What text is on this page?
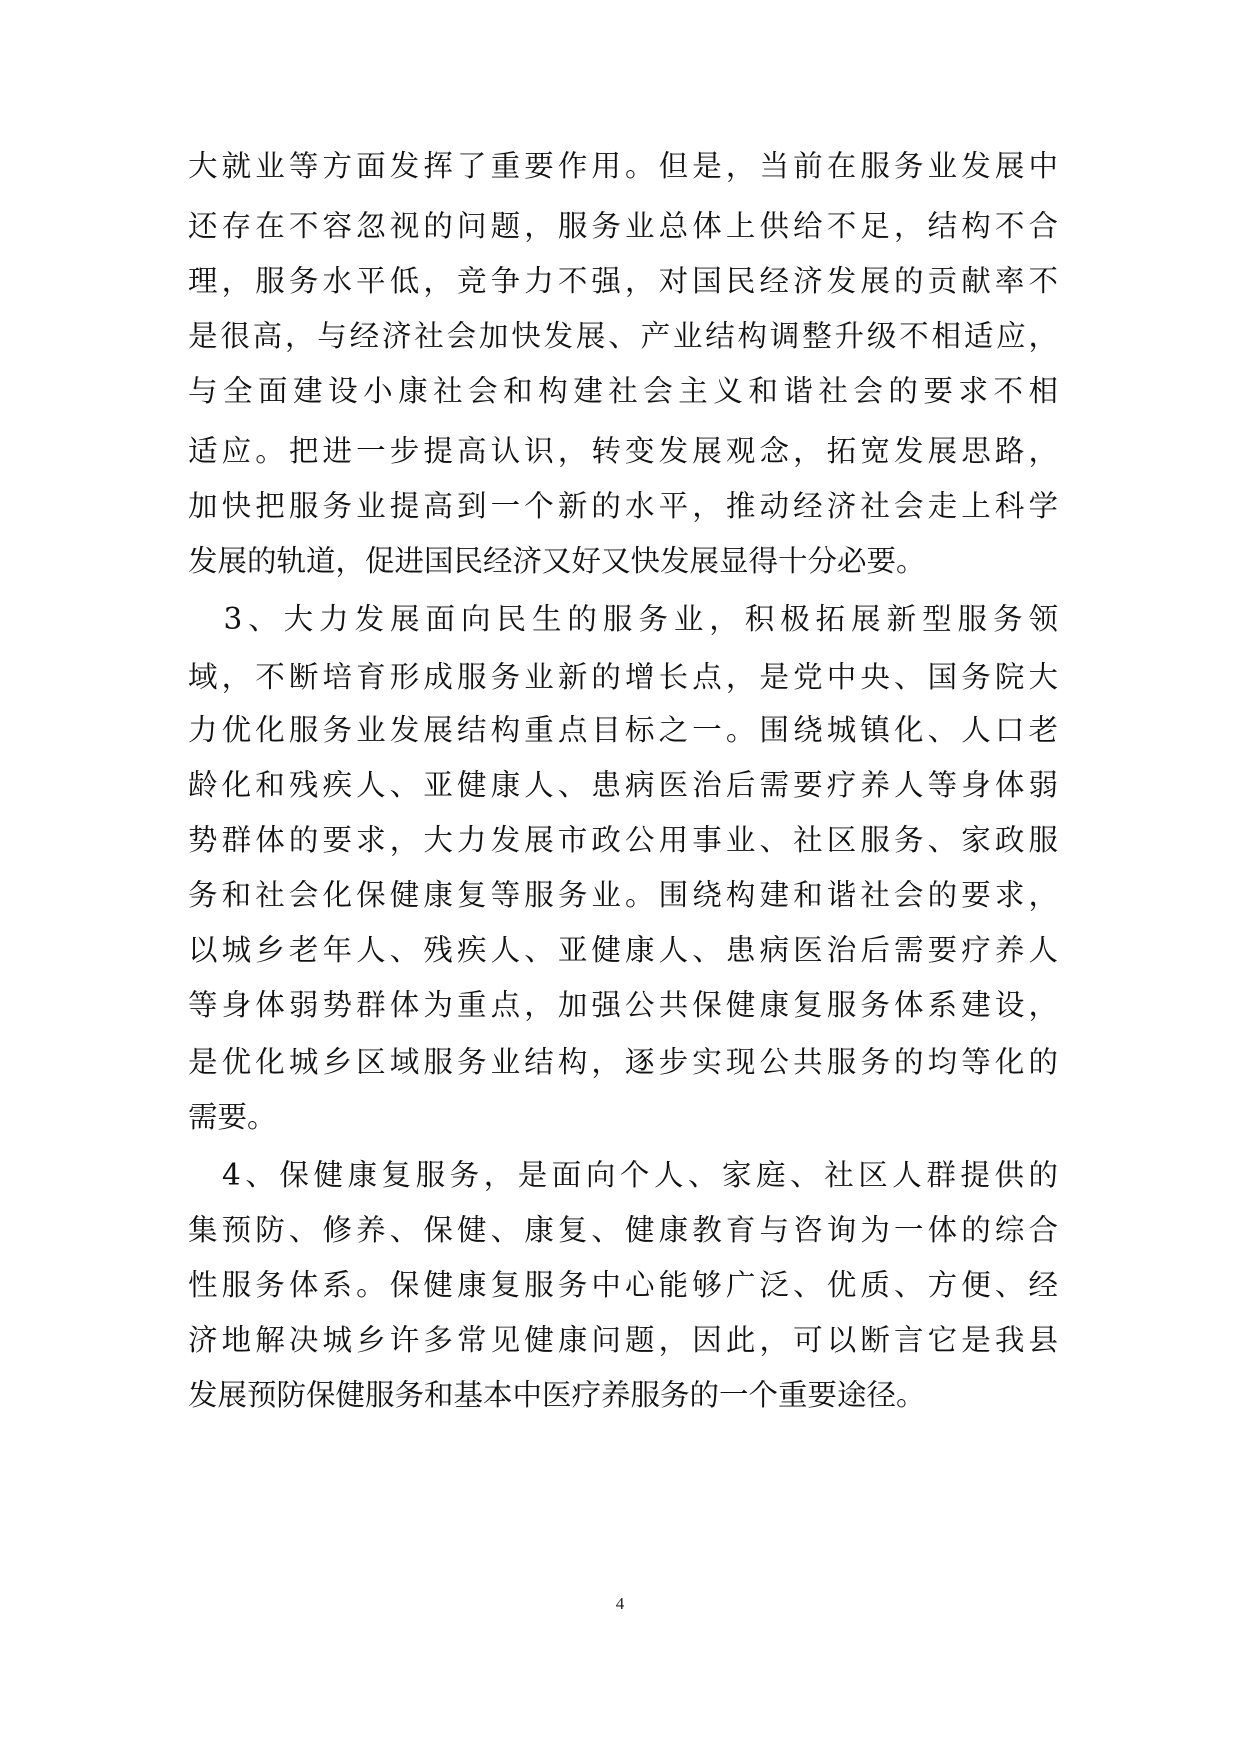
大就业等方面发挥了重要作用。但是，当前在服务业发展中
还存在不容忽视的问题，服务业总体上供给不足，结构不合
理，服务水平低，竞争力不强，对国民经济发展的贡献率不
是很高，与经济社会加快发展、产业结构调整升级不相适应，
与全面建设小康社会和构建社会主义和谐社会的要求不相
适应。把进一步提高认识，转变发展观念，拓宽发展思路，
加快把服务业提高到一个新的水平，推动经济社会走上科学
发展的轨道，促进国民经济又好又快发展显得十分必要。
　3、大力发展面向民生的服务业，积极拓展新型服务领
域，不断培育形成服务业新的增长点，是党中央、国务院大
力优化服务业发展结构重点目标之一。围绕城镇化、人口老
龄化和残疾人、亚健康人、患病医治后需要疗养人等身体弱
势群体的要求，大力发展市政公用事业、社区服务、家政服
务和社会化保健康复等服务业。围绕构建和谐社会的要求，
以城乡老年人、残疾人、亚健康人、患病医治后需要疗养人
等身体弱势群体为重点，加强公共保健康复服务体系建设，
是优化城乡区域服务业结构，逐步实现公共服务的均等化的
需要。
　4、保健康复服务，是面向个人、家庭、社区人群提供的
集预防、修养、保健、康复、健康教育与咨询为一体的综合
性服务体系。保健康复服务中心能够广泛、优质、方便、经
济地解决城乡许多常见健康问题，因此，可以断言它是我县
发展预防保健服务和基本中医疗养服务的一个重要途径。
4
